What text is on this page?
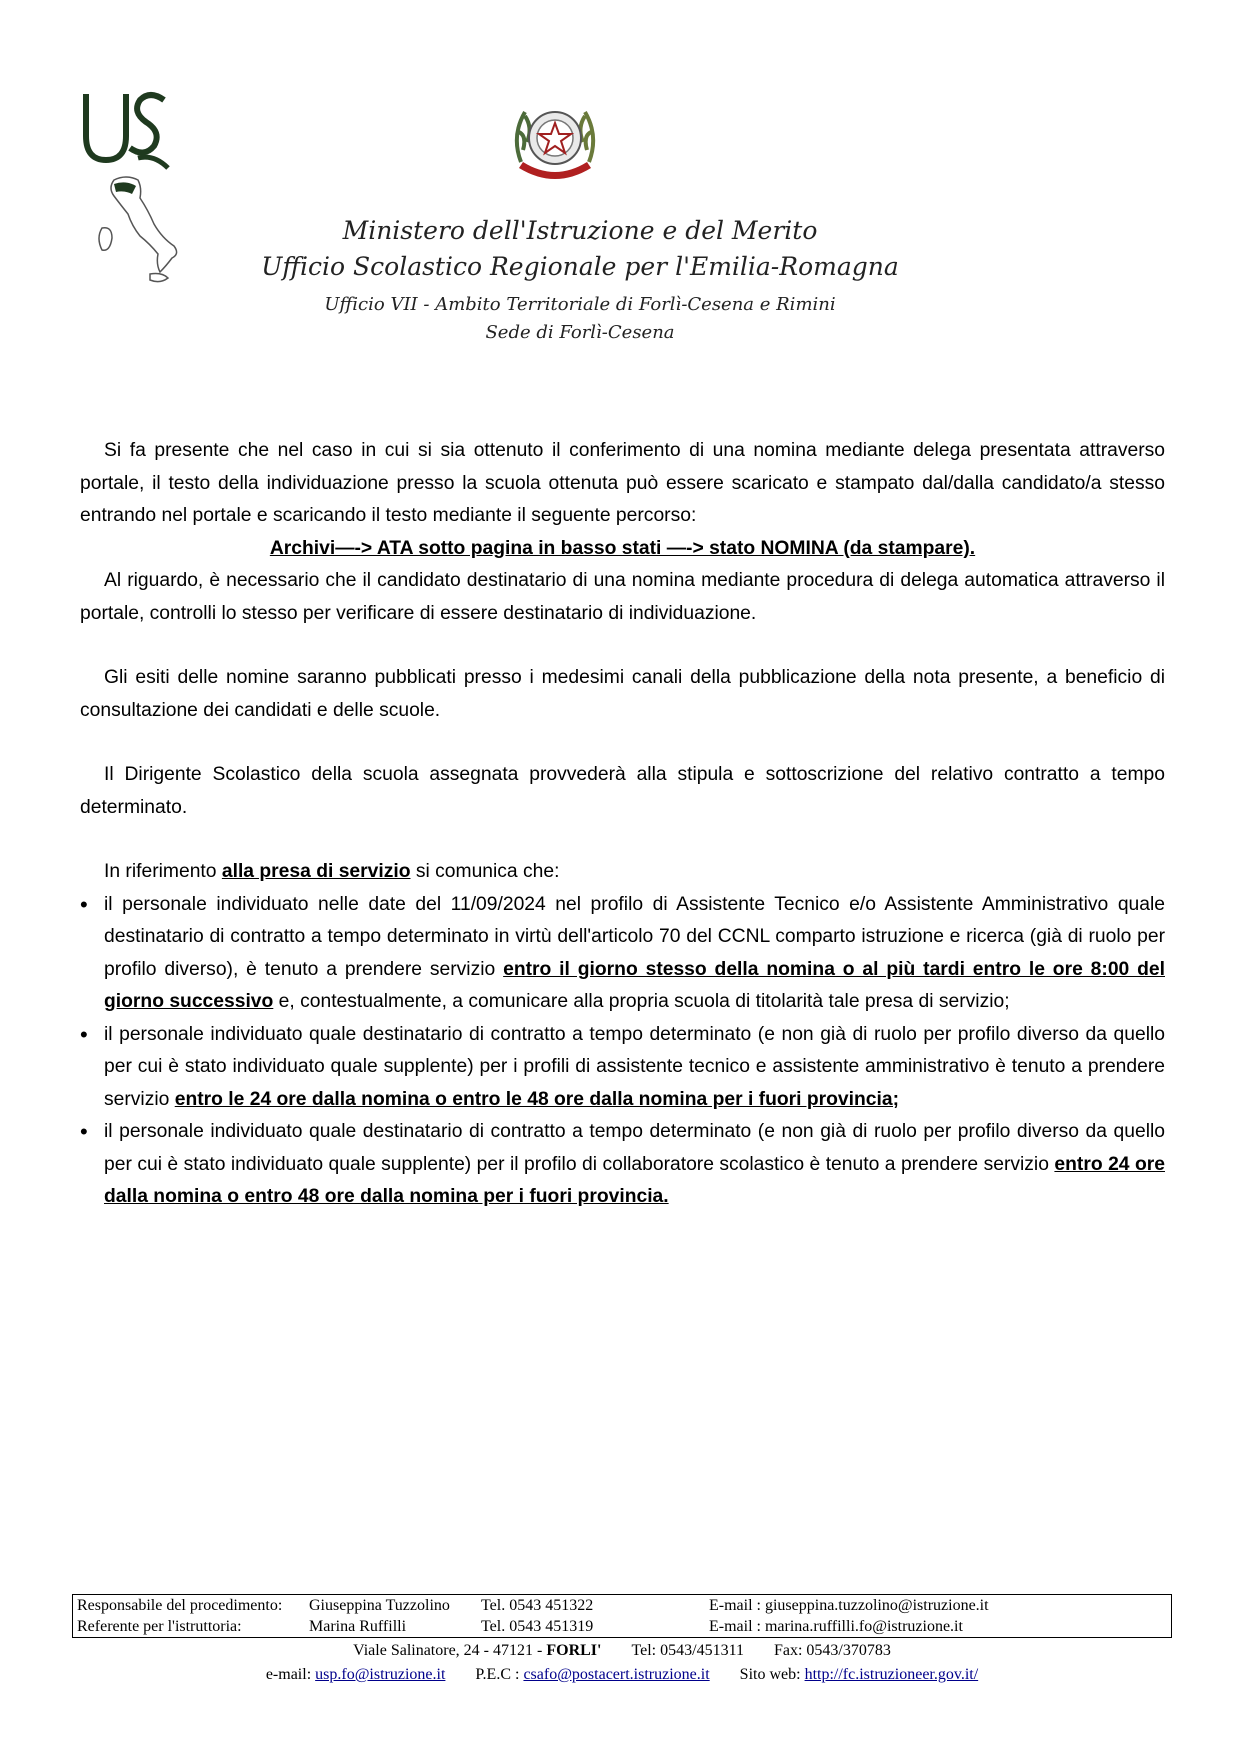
Ministero dell'Istruzione e del Merito
Ufficio Scolastico Regionale per l'Emilia-Romagna
Ufficio VII - Ambito Territoriale di Forlì-Cesena e Rimini
Sede di Forlì-Cesena

Si fa presente che nel caso in cui si sia ottenuto il conferimento di una nomina mediante delega presentata attraverso portale, il testo della individuazione presso la scuola ottenuta può essere scaricato e stampato dal/dalla candidato/a stesso entrando nel portale e scaricando il testo mediante il seguente percorso:

Archivi—-> ATA sotto pagina in basso stati —-> stato NOMINA (da stampare).

Al riguardo, è necessario che il candidato destinatario di una nomina mediante procedura di delega automatica attraverso il portale, controlli lo stesso per verificare di essere destinatario di individuazione.

Gli esiti delle nomine saranno pubblicati presso i medesimi canali della pubblicazione della nota presente, a beneficio di consultazione dei candidati e delle scuole.

Il Dirigente Scolastico della scuola assegnata provvederà alla stipula e sottoscrizione del relativo contratto a tempo determinato.

In riferimento alla presa di servizio si comunica che:

• il personale individuato nelle date del 11/09/2024 nel profilo di Assistente Tecnico e/o Assistente Amministrativo quale destinatario di contratto a tempo determinato in virtù dell'articolo 70 del CCNL comparto istruzione e ricerca (già di ruolo per profilo diverso), è tenuto a prendere servizio entro il giorno stesso della nomina o al più tardi entro le ore 8:00 del giorno successivo e, contestualmente, a comunicare alla propria scuola di titolarità tale presa di servizio;
• il personale individuato quale destinatario di contratto a tempo determinato (e non già di ruolo per profilo diverso da quello per cui è stato individuato quale supplente) per i profili di assistente tecnico e assistente amministrativo è tenuto a prendere servizio entro le 24 ore dalla nomina o entro le 48 ore dalla nomina per i fuori provincia;
• il personale individuato quale destinatario di contratto a tempo determinato (e non già di ruolo per profilo diverso da quello per cui è stato individuato quale supplente) per il profilo di collaboratore scolastico è tenuto a prendere servizio entro 24 ore dalla nomina o entro 48 ore dalla nomina per i fuori provincia.
Responsabile del procedimento:	Giuseppina Tuzzolino	Tel. 0543 451322	E-mail : giuseppina.tuzzolino@istruzione.it
Referente per l'istruttoria:	Marina Ruffilli	Tel. 0543 451319	E-mail : marina.ruffilli.fo@istruzione.it
Viale Salinatore, 24 - 47121 - FORLI' Tel: 0543/451311 Fax: 0543/370783
e-mail: usp.fo@istruzione.it P.E.C : csafo@postacert.istruzione.it Sito web: http://fc.istruzioneer.gov.it/
